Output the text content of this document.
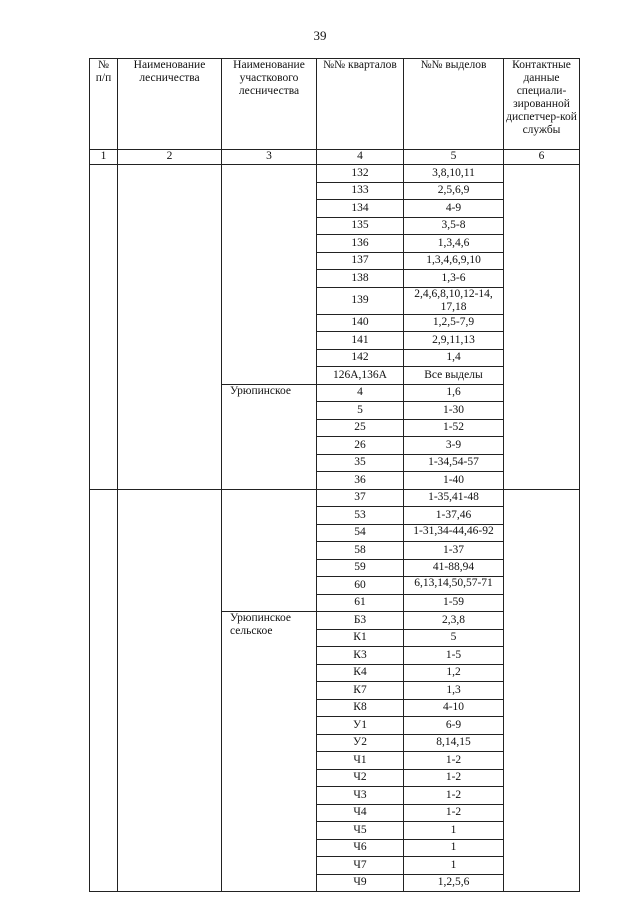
39
№ п/п	Наименование лесничества	Наименование участкового лесничества	№№ кварталов	№№ выделов	Контактные данные специали-зированной диспетчер-кой службы
1	2	3	4	5	6
			132	3,8,10,11	
			133	2,5,6,9	
			134	4-9	
			135	3,5-8	
			136	1,3,4,6	
			137	1,3,4,6,9,10	
			138	1,3-6	
			139	2,4,6,8,10,12-14, 17,18	
			140	1,2,5-7,9	
			141	2,9,11,13	
			142	1,4	
			126А,136А	Все выделы	
		Урюпинское	4	1,6	
			5	1-30	
			25	1-52	
			26	3-9	
			35	1-34,54-57	
			36	1-40	
			37	1-35,41-48	
			53	1-37,46	
			54	1-31,34-44,46-92	
			58	1-37	
			59	41-88,94	
			60	6,13,14,50,57-71	
			61	1-59	
		Урюпинское сельское	Б3	2,3,8	
			К1	5	
			К3	1-5	
			К4	1,2	
			К7	1,3	
			К8	4-10	
			У1	6-9	
			У2	8,14,15	
			Ч1	1-2	
			Ч2	1-2	
			Ч3	1-2	
			Ч4	1-2	
			Ч5	1	
			Ч6	1	
			Ч7	1	
			Ч9	1,2,5,6	
